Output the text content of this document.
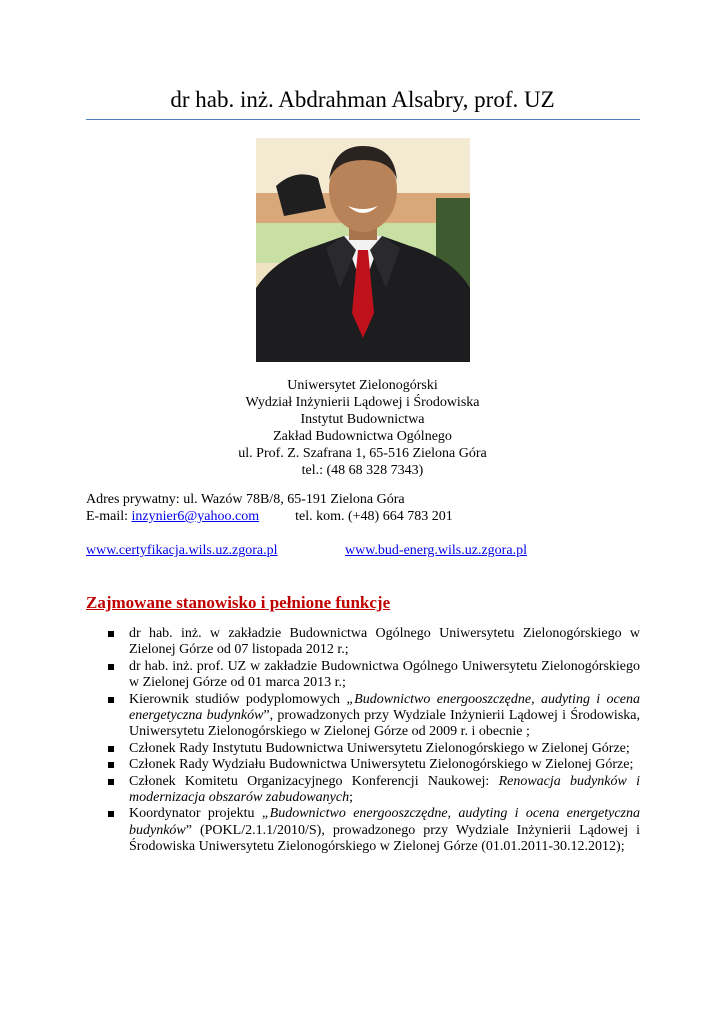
dr hab. inż. Abdrahman Alsabry, prof. UZ
Uniwersytet Zielonogórski
Wydział Inżynierii Lądowej i Środowiska
Instytut Budownictwa
Zakład Budownictwa Ogólnego
ul. Prof. Z. Szafrana 1, 65-516 Zielona Góra
tel.: (48 68 328 7343)
Adres prywatny: ul. Wazów 78B/8, 65-191 Zielona Góra
E-mail: inzynier6@yahoo.com	tel. kom. (+48) 664 783 201
www.certyfikacja.wils.uz.zgora.pl	www.bud-energ.wils.uz.zgora.pl
Zajmowane stanowisko i pełnione funkcje
dr hab. inż. w zakładzie Budownictwa Ogólnego Uniwersytetu Zielonogórskiego w Zielonej Górze od 07 listopada 2012 r.;
dr hab. inż. prof. UZ w zakładzie Budownictwa Ogólnego Uniwersytetu Zielonogórskiego w Zielonej Górze od 01 marca 2013 r.;
Kierownik studiów podyplomowych „Budownictwo energooszczędne, audyting i ocena energetyczna budynków”, prowadzonych przy Wydziale Inżynierii Lądowej i Środowiska, Uniwersytetu Zielonogórskiego w Zielonej Górze od 2009 r. i obecnie ;
Członek Rady Instytutu Budownictwa Uniwersytetu Zielonogórskiego w Zielonej Górze;
Członek Rady Wydziału Budownictwa Uniwersytetu Zielonogórskiego w Zielonej Górze;
Członek Komitetu Organizacyjnego Konferencji Naukowej: Renowacja budynków i modernizacja obszarów zabudowanych;
Koordynator projektu „Budownictwo energooszczędne, audyting i ocena energetyczna budynków” (POKL/2.1.1/2010/S), prowadzonego przy Wydziale Inżynierii Lądowej i Środowiska Uniwersytetu Zielonogórskiego w Zielonej Górze (01.01.2011-30.12.2012);
